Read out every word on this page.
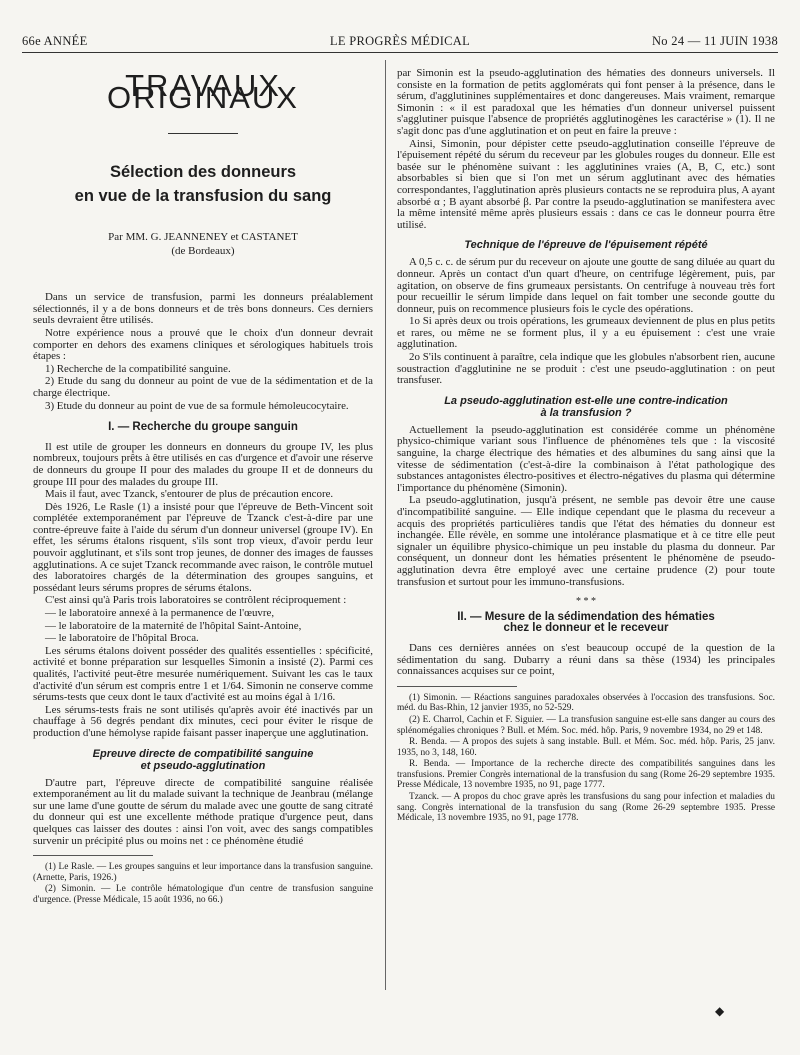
66e ANNÉE	LE PROGRÈS MÉDICAL	No 24 — 11 JUIN 1938
TRAVAUX ORIGINAUX
Sélection des donneurs
en vue de la transfusion du sang
Par MM. G. JEANNENEY et CASTANET
(de Bordeaux)

Dans un service de transfusion, parmi les donneurs préalablement sélectionnés, il y a de bons donneurs et de très bons donneurs. Ces derniers seuls devraient être utilisés.

Notre expérience nous a prouvé que le choix d'un donneur devrait comporter en dehors des examens cliniques et sérologiques habituels trois étapes :

1) Recherche de la compatibilité sanguine.

2) Etude du sang du donneur au point de vue de la sédimentation et de la charge électrique.

3) Etude du donneur au point de vue de sa formule hémoleucocytaire.

I. — Recherche du groupe sanguin

Il est utile de grouper les donneurs en donneurs du groupe IV, les plus nombreux, toujours prêts à être utilisés en cas d'urgence et d'avoir une réserve de donneurs du groupe II pour des malades du groupe II et de donneurs du groupe III pour des malades du groupe III.

Mais il faut, avec Tzanck, s'entourer de plus de précaution encore.

Dès 1926, Le Rasle (1) a insisté pour que l'épreuve de Beth-Vincent soit complétée extemporanément par l'épreuve de Tzanck c'est-à-dire par une contre-épreuve faite à l'aide du sérum d'un donneur universel (groupe IV). En effet, les sérums étalons risquent, s'ils sont trop vieux, d'avoir perdu leur pouvoir agglutinant, et s'ils sont trop jeunes, de donner des images de fausses agglutinations. A ce sujet Tzanck recommande avec raison, le contrôle mutuel des laboratoires chargés de la détermination des groupes sanguins, et possédant leurs sérums propres de sérums étalons.

C'est ainsi qu'à Paris trois laboratoires se contrôlent réciproquement :

— le laboratoire annexé à la permanence de l'œuvre,

— le laboratoire de la maternité de l'hôpital Saint-Antoine,

— le laboratoire de l'hôpital Broca.

Les sérums étalons doivent posséder des qualités essentielles : spécificité, activité et bonne préparation sur lesquelles Simonin a insisté (2). Parmi ces qualités, l'activité peut-être mesurée numériquement. Suivant les cas le taux d'activité d'un sérum est compris entre 1 et 1/64. Simonin ne conserve comme sérums-tests que ceux dont le taux d'activité est au moins égal à 1/16.

Les sérums-tests frais ne sont utilisés qu'après avoir été inactivés par un chauffage à 56 degrés pendant dix minutes, ceci pour éviter le risque de production d'une hémolyse rapide faisant passer inaperçue une agglutination.

Epreuve directe de compatibilité sanguine
et pseudo-agglutination

D'autre part, l'épreuve directe de compatibilité sanguine réalisée extemporanément au lit du malade suivant la technique de Jeanbrau (mélange sur une lame d'une goutte de sérum du malade avec une goutte de sang citraté du donneur qui est une excellente méthode pratique d'urgence peut, dans quelques cas laisser des doutes : ainsi l'on voit, avec des sangs compatibles survenir un précipité plus ou moins net : ce phénomène étudié

(1) Le Rasle. — Les groupes sanguins et leur importance dans la transfusion sanguine. (Arnette, Paris, 1926.)

(2) Simonin. — Le contrôle hématologique d'un centre de transfusion sanguine d'urgence. (Presse Médicale, 15 août 1936, no 66.)

par Simonin est la pseudo-agglutination des hématies des donneurs universels. Il consiste en la formation de petits agglomérats qui font penser à la présence, dans le sérum, d'agglutinines supplémentaires et donc dangereuses. Mais vraiment, remarque Simonin : « il est paradoxal que les hématies d'un donneur universel puissent s'agglutiner puisque l'absence de propriétés agglutinogènes les caractérise » (1). Il ne s'agit donc pas d'une agglutination et on peut en faire la preuve :

Ainsi, Simonin, pour dépister cette pseudo-agglutination conseille l'épreuve de l'épuisement répété du sérum du receveur par les globules rouges du donneur. Elle est basée sur le phénomène suivant : les agglutinines vraies (A, B, C, etc.) sont absorbables si bien que si l'on met un sérum agglutinant avec des hématies correspondantes, l'agglutination après plusieurs contacts ne se reproduira plus, A ayant absorbé α ; B ayant absorbé β. Par contre la pseudo-agglutination se manifestera avec la même intensité même après plusieurs essais : dans ce cas le donneur pourra être utilisé.

Technique de l'épreuve de l'épuisement répété

A 0,5 c. c. de sérum pur du receveur on ajoute une goutte de sang diluée au quart du donneur. Après un contact d'un quart d'heure, on centrifuge légèrement, puis, par agitation, on observe de fins grumeaux persistants. On centrifuge à nouveau très fort pour recueillir le sérum limpide dans lequel on fait tomber une seconde goutte du donneur, puis on recommence plusieurs fois le cycle des opérations.

1o Si après deux ou trois opérations, les grumeaux deviennent de plus en plus petits et rares, ou même ne se forment plus, il y a eu épuisement : c'est une vraie agglutination.

2o S'ils continuent à paraître, cela indique que les globules n'absorbent rien, aucune soustraction d'agglutinine ne se produit : c'est une pseudo-agglutination : on peut transfuser.

La pseudo-agglutination est-elle une contre-indication
à la transfusion ?

Actuellement la pseudo-agglutination est considérée comme un phénomène physico-chimique variant sous l'influence de phénomènes tels que : la viscosité sanguine, la charge électrique des hématies et des albumines du sang ainsi que la vitesse de sédimentation (c'est-à-dire la combinaison à l'état pathologique des substances antagonistes électro-positives et électro-négatives du plasma qui détermine l'importance du phénomène (Simonin).

La pseudo-agglutination, jusqu'à présent, ne semble pas devoir être une cause d'incompatibilité sanguine. — Elle indique cependant que le plasma du receveur a acquis des propriétés particulières tandis que l'état des hématies du donneur est inchangée. Elle révèle, en somme une intolérance plasmatique et à ce titre elle peut signaler un équilibre physico-chimique un peu instable du plasma du donneur. Par conséquent, un donneur dont les hématies présentent le phénomène de pseudo-agglutination devra être employé avec une certaine prudence (2) pour toute transfusion et surtout pour les immuno-transfusions.

* * *
II. — Mesure de la sédimendation des hématies
chez le donneur et le receveur

Dans ces dernières années on s'est beaucoup occupé de la question de la sédimentation du sang. Dubarry a réuni dans sa thèse (1934) les principales connaissances acquises sur ce point,

(1) Simonin. — Réactions sanguines paradoxales observées à l'occasion des transfusions. Soc. méd. du Bas-Rhin, 12 janvier 1935, no 52-529.

(2) E. Charrol, Cachin et F. Siguier. — La transfusion sanguine est-elle sans danger au cours des splénomégalies chroniques ? Bull. et Mém. Soc. méd. hôp. Paris, 9 novembre 1934, no 29 et 148.

R. Benda. — A propos des sujets à sang instable. Bull. et Mém. Soc. méd. hôp. Paris, 25 janv. 1935, no 3, 148, 160.

R. Benda. — Importance de la recherche directe des compatibilités sanguines dans les transfusions. Premier Congrès international de la transfusion du sang (Rome 26-29 septembre 1935. Presse Médicale, 13 novembre 1935, no 91, page 1777.

Tzanck. — A propos du choc grave après les transfusions du sang pour infection et maladies du sang. Congrès international de la transfusion du sang (Rome 26-29 septembre 1935. Presse Médicale, 13 novembre 1935, no 91, page 1778.

◆
